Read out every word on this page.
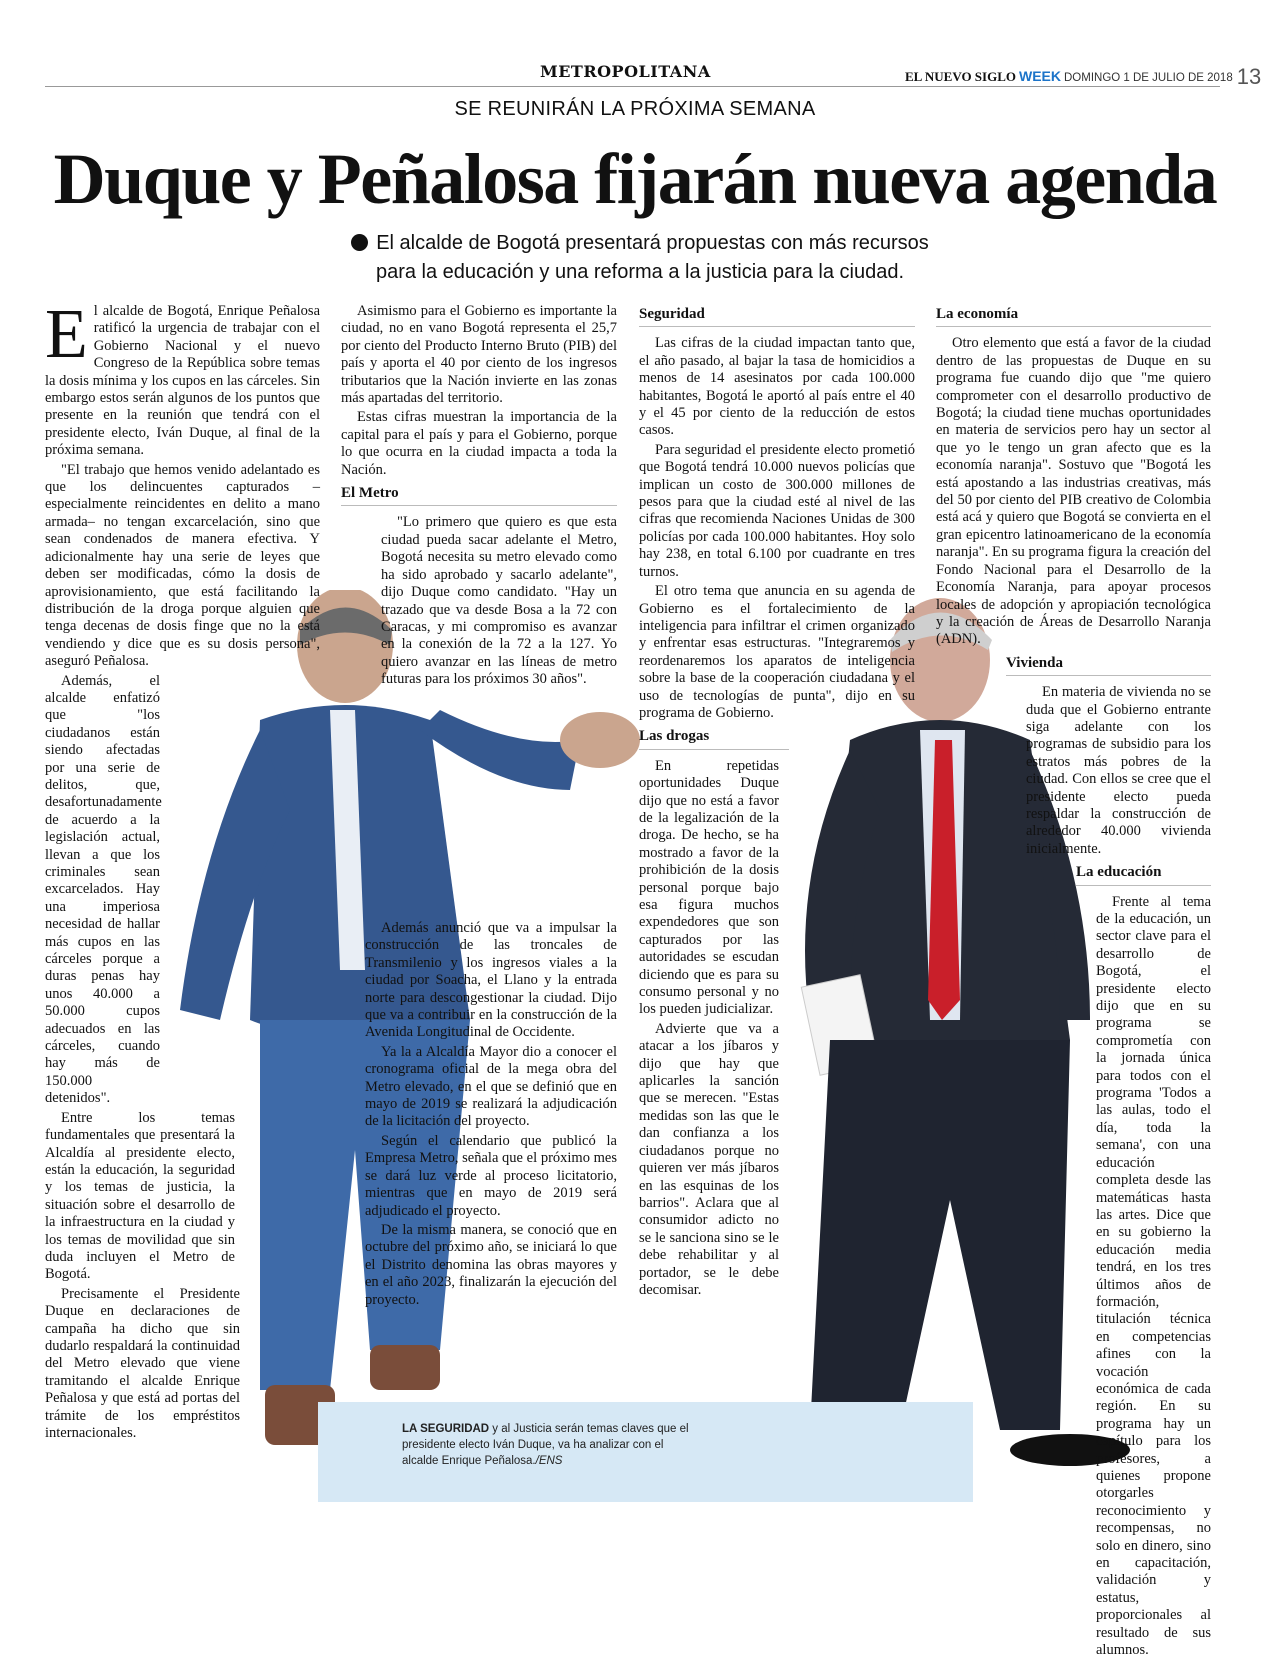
METROPOLITANA	EL NUEVO SIGLO WEEK DOMINGO 1 DE JULIO DE 2018 13
SE REUNIRÁN LA PRÓXIMA SEMANA
Duque y Peñalosa fijarán nueva agenda
El alcalde de Bogotá presentará propuestas con más recursos para la educación y una reforma a la justicia para la ciudad.

El alcalde de Bogotá, Enrique Peñalosa ratificó la urgencia de trabajar con el Gobierno Nacional y el nuevo Congreso de la República sobre temas la dosis mínima y los cupos en las cárceles. Sin embargo estos serán algunos de los puntos que presente en la reunión que tendrá con el presidente electo, Iván Duque, al final de la próxima semana.

"El trabajo que hemos venido adelantado es que los delincuentes capturados – especialmente reincidentes en delito a mano armada– no tengan excarcelación, sino que sean condenados de manera efectiva. Y adicionalmente hay una serie de leyes que deben ser modificadas, cómo la dosis de aprovisionamiento, que está facilitando la distribución de la droga porque alguien que tenga decenas de dosis finge que no la está vendiendo y dice que es su dosis persona", aseguró Peñalosa.

Además, el alcalde enfatizó que "los ciudadanos están siendo afectadas por una serie de delitos, que, desafortunadamente de acuerdo a la legislación actual, llevan a que los criminales sean excarcelados. Hay una imperiosa necesidad de hallar más cupos en las cárceles porque a duras penas hay unos 40.000 a 50.000 cupos adecuados en las cárceles, cuando hay más de 150.000 detenidos".

Entre los temas fundamentales que presentará la Alcaldía al presidente electo, están la educación, la seguridad y los temas de justicia, la situación sobre el desarrollo de la infraestructura en la ciudad y los temas de movilidad que sin duda incluyen el Metro de Bogotá.

Precisamente el Presidente Duque en declaraciones de campaña ha dicho que sin dudarlo respaldará la continuidad del Metro elevado que viene tramitando el alcalde Enrique Peñalosa y que está ad portas del trámite de los empréstitos internacionales.

Asimismo para el Gobierno es importante la ciudad, no en vano Bogotá representa el 25,7 por ciento del Producto Interno Bruto (PIB) del país y aporta el 40 por ciento de los ingresos tributarios que la Nación invierte en las zonas más apartadas del territorio.

Estas cifras muestran la importancia de la capital para el país y para el Gobierno, porque lo que ocurra en la ciudad impacta a toda la Nación.

El Metro

"Lo primero que quiero es que esta ciudad pueda sacar adelante el Metro, Bogotá necesita su metro elevado como ha sido aprobado y sacarlo adelante", dijo Duque como candidato. "Hay un trazado que va desde Bosa a la 72 con Caracas, y mi compromiso es avanzar en la conexión de la 72 a la 127. Yo quiero avanzar en las líneas de metro futuras para los próximos 30 años".

Además anunció que va a impulsar la construcción de las troncales de Transmilenio y los ingresos viales a la ciudad por Soacha, el Llano y la entrada norte para descongestionar la ciudad. Dijo que va a contribuir en la construcción de la Avenida Longitudinal de Occidente.

Ya la a Alcaldía Mayor dio a conocer el cronograma oficial de la mega obra del Metro elevado, en el que se definió que en mayo de 2019 se realizará la adjudicación de la licitación del proyecto.

Según el calendario que publicó la Empresa Metro, señala que el próximo mes se dará luz verde al proceso licitatorio, mientras que en mayo de 2019 será adjudicado el proyecto.

De la misma manera, se conoció que en octubre del próximo año, se iniciará lo que el Distrito denomina las obras mayores y en el año 2023, finalizarán la ejecución del proyecto.

Seguridad

Las cifras de la ciudad impactan tanto que, el año pasado, al bajar la tasa de homicidios a menos de 14 asesinatos por cada 100.000 habitantes, Bogotá le aportó al país entre el 40 y el 45 por ciento de la reducción de estos casos.

Para seguridad el presidente electo prometió que Bogotá tendrá 10.000 nuevos policías que implican un costo de 300.000 millones de pesos para que la ciudad esté al nivel de las cifras que recomienda Naciones Unidas de 300 policías por cada 100.000 habitantes. Hoy solo hay 238, en total 6.100 por cuadrante en tres turnos.

El otro tema que anuncia en su agenda de Gobierno es el fortalecimiento de la inteligencia para infiltrar el crimen organizado y enfrentar esas estructuras. "Integraremos y reordenaremos los aparatos de inteligencia sobre la base de la cooperación ciudadana y el uso de tecnologías de punta", dijo en su programa de Gobierno.

Las drogas

En repetidas oportunidades Duque dijo que no está a favor de la legalización de la droga. De hecho, se ha mostrado a favor de la prohibición de la dosis personal porque bajo esa figura muchos expendedores que son capturados por las autoridades se escudan diciendo que es para su consumo personal y no los pueden judicializar.

Advierte que va a atacar a los jíbaros y dijo que hay que aplicarles la sanción que se merecen. "Estas medidas son las que le dan confianza a los ciudadanos porque no quieren ver más jíbaros en las esquinas de los barrios". Aclara que al consumidor adicto no se le sanciona sino se le debe rehabilitar y al portador, se le debe decomisar.

La economía

Otro elemento que está a favor de la ciudad dentro de las propuestas de Duque en su programa fue cuando dijo que "me quiero comprometer con el desarrollo productivo de Bogotá; la ciudad tiene muchas oportunidades en materia de servicios pero hay un sector al que yo le tengo un gran afecto que es la economía naranja". Sostuvo que "Bogotá les está apostando a las industrias creativas, más del 50 por ciento del PIB creativo de Colombia está acá y quiero que Bogotá se convierta en el gran epicentro latinoamericano de la economía naranja". En su programa figura la creación del Fondo Nacional para el Desarrollo de la Economía Naranja, para apoyar procesos locales de adopción y apropiación tecnológica y la creación de Áreas de Desarrollo Naranja (ADN).

Vivienda

En materia de vivienda no se duda que el Gobierno entrante siga adelante con los programas de subsidio para los estratos más pobres de la ciudad. Con ellos se cree que el presidente electo pueda respaldar la construcción de alrededor 40.000 vivienda inicialmente.

La educación

Frente al tema de la educación, un sector clave para el desarrollo de Bogotá, el presidente electo dijo que en su programa se comprometía con la jornada única para todos con el programa 'Todos a las aulas, todo el día, toda la semana', con una educación completa desde las matemáticas hasta las artes. Dice que en su gobierno la educación media tendrá, en los tres últimos años de formación, titulación técnica en competencias afines con la vocación económica de cada región. En su programa hay un capítulo para los profesores, a quienes propone otorgarles reconocimiento y recompensas, no solo en dinero, sino en capacitación, validación y estatus, proporcionales al resultado de sus alumnos.

LA SEGURIDAD y al Justicia serán temas claves que el presidente electo Iván Duque, va ha analizar con el alcalde Enrique Peñalosa./ENS
